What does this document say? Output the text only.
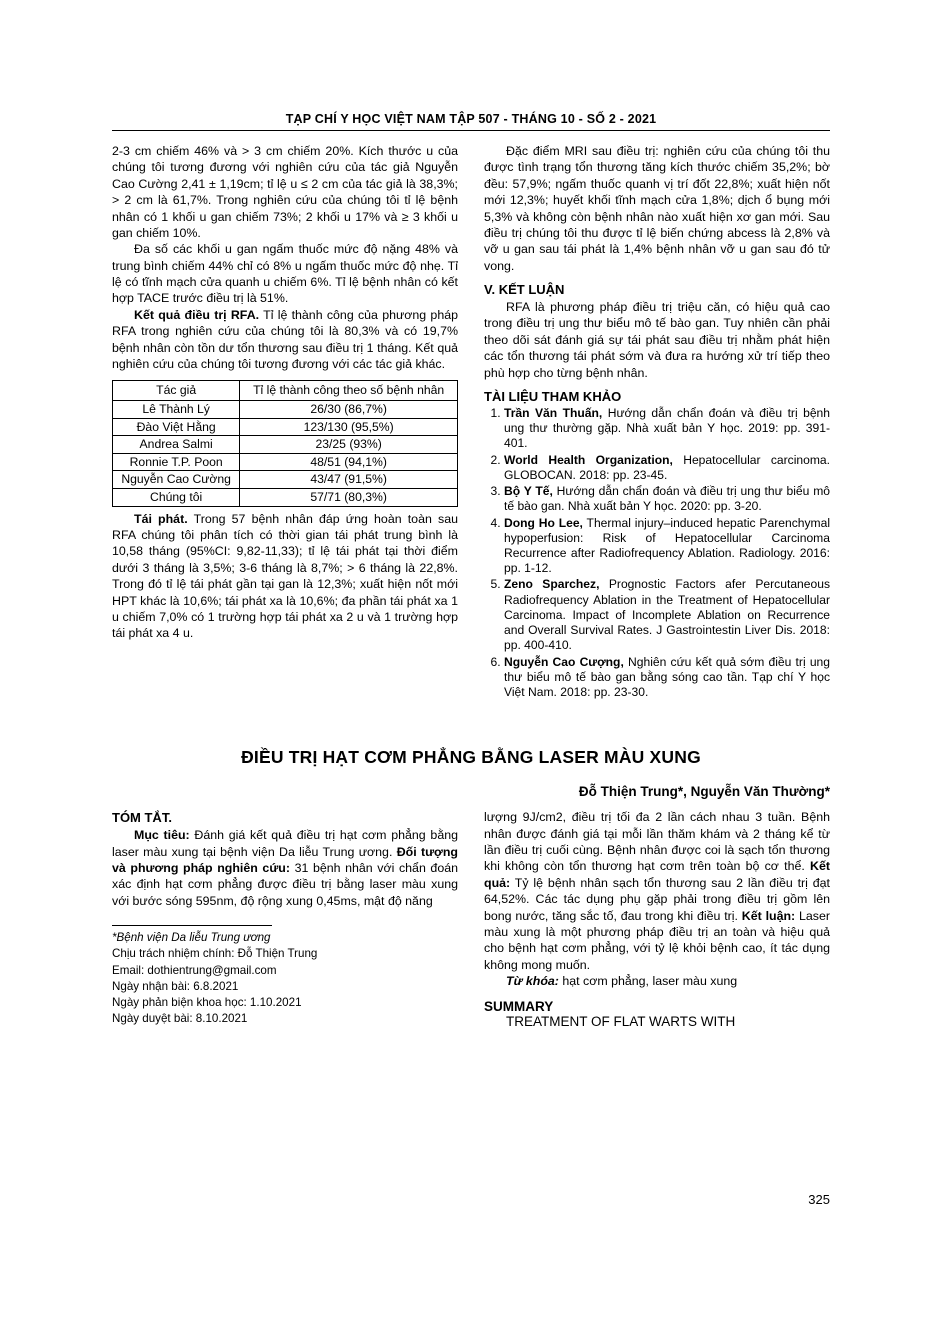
TẠP CHÍ Y HỌC VIỆT NAM TẬP 507 - THÁNG 10 - SỐ 2 - 2021

2-3 cm chiếm 46% và > 3 cm chiếm 20%. Kích thước u của chúng tôi tương đương với nghiên cứu của tác giả Nguyễn Cao Cường 2,41 ± 1,19cm; tỉ lệ u ≤ 2 cm của tác giả là 38,3%; > 2 cm là 61,7%. Trong nghiên cứu của chúng tôi tỉ lệ bệnh nhân có 1 khối u gan chiếm 73%; 2 khối u 17% và ≥ 3 khối u gan chiếm 10%.

Đa số các khối u gan ngấm thuốc mức độ nặng 48% và trung bình chiếm 44% chỉ có 8% u ngấm thuốc mức độ nhẹ. Tỉ lệ có tĩnh mạch cửa quanh u chiếm 6%. Tỉ lệ bệnh nhân có kết hợp TACE trước điều trị là 51%.

Kết quả điều trị RFA. Tỉ lệ thành công của phương pháp RFA trong nghiên cứu của chúng tôi là 80,3% và có 19,7% bệnh nhân còn tồn dư tổn thương sau điều trị 1 tháng. Kết quả nghiên cứu của chúng tôi tương đương với các tác giả khác.

Tác giả	Tỉ lệ thành công theo số bệnh nhân
Lê Thành Lý	26/30 (86,7%)
Đào Việt Hằng	123/130 (95,5%)
Andrea Salmi	23/25 (93%)
Ronnie T.P. Poon	48/51 (94,1%)
Nguyễn Cao Cường	43/47 (91,5%)
Chúng tôi	57/71 (80,3%)

Tái phát. Trong 57 bệnh nhân đáp ứng hoàn toàn sau RFA chúng tôi phân tích có thời gian tái phát trung bình là 10,58 tháng (95%CI: 9,82-11,33); tỉ lệ tái phát tại thời điểm dưới 3 tháng là 3,5%; 3-6 tháng là 8,7%; > 6 tháng là 22,8%. Trong đó tỉ lệ tái phát gần tại gan là 12,3%; xuất hiện nốt mới HPT khác là 10,6%; tái phát xa là 10,6%; đa phần tái phát xa 1 u chiếm 7,0% có 1 trường hợp tái phát xa 2 u và 1 trường hợp tái phát xa 4 u.

Đặc điểm MRI sau điều trị: nghiên cứu của chúng tôi thu được tình trạng tổn thương tăng kích thước chiếm 35,2%; bờ đều: 57,9%; ngấm thuốc quanh vị trí đốt 22,8%; xuất hiện nốt mới 12,3%; huyết khối tĩnh mạch cửa 1,8%; dịch ổ bụng mới 5,3% và không còn bệnh nhân nào xuất hiện xơ gan mới. Sau điều trị chúng tôi thu được tỉ lệ biến chứng abcess là 2,8% và vỡ u gan sau tái phát là 1,4% bệnh nhân vỡ u gan sau đó tử vong.

V. KẾT LUẬN

RFA là phương pháp điều trị triệu căn, có hiệu quả cao trong điều trị ung thư biểu mô tế bào gan. Tuy nhiên cần phải theo dõi sát đánh giá sự tái phát sau điều trị nhằm phát hiện các tổn thương tái phát sớm và đưa ra hướng xử trí tiếp theo phù hợp cho từng bệnh nhân.

TÀI LIỆU THAM KHẢO
1. Trần Văn Thuấn, Hướng dẫn chẩn đoán và điều trị bệnh ung thư thường gặp. Nhà xuất bản Y học. 2019: pp. 391-401.
2. World Health Organization, Hepatocellular carcinoma. GLOBOCAN. 2018: pp. 23-45.
3. Bộ Y Tế, Hướng dẫn chẩn đoán và điều trị ung thư biểu mô tế bào gan. Nhà xuất bản Y học. 2020: pp. 3-20.
4. Dong Ho Lee, Thermal injury–induced hepatic Parenchymal hypoperfusion: Risk of Hepatocellular Carcinoma Recurrence after Radiofrequency Ablation. Radiology. 2016: pp. 1-12.
5. Zeno Sparchez, Prognostic Factors afer Percutaneous Radiofrequency Ablation in the Treatment of Hepatocellular Carcinoma. Impact of Incomplete Ablation on Recurrence and Overall Survival Rates. J Gastrointestin Liver Dis. 2018: pp. 400-410.
6. Nguyễn Cao Cượng, Nghiên cứu kết quả sớm điều trị ung thư biểu mô tế bào gan bằng sóng cao tần. Tạp chí Y học Việt Nam. 2018: pp. 23-30.
ĐIỀU TRỊ HẠT CƠM PHẲNG BẰNG LASER MÀU XUNG
TÓM TẮT.

Mục tiêu: Đánh giá kết quả điều trị hạt cơm phẳng bằng laser màu xung tại bệnh viện Da liễu Trung ương. Đối tượng và phương pháp nghiên cứu: 31 bệnh nhân với chẩn đoán xác định hạt cơm phẳng được điều trị bằng laser màu xung với bước sóng 595nm, độ rộng xung 0,45ms, mật độ năng

*Bệnh viện Da liễu Trung ương
Chịu trách nhiệm chính: Đỗ Thiện Trung
Email: dothientrung@gmail.com
Ngày nhận bài: 6.8.2021
Ngày phản biện khoa học: 1.10.2021
Ngày duyệt bài: 8.10.2021
Đỗ Thiện Trung*, Nguyễn Văn Thường*

lượng 9J/cm2, điều trị tối đa 2 lần cách nhau 3 tuần. Bệnh nhân được đánh giá tại mỗi lần thăm khám và 2 tháng kể từ lần điều trị cuối cùng. Bệnh nhân được coi là sạch tổn thương khi không còn tổn thương hạt cơm trên toàn bộ cơ thể. Kết quả: Tỷ lệ bệnh nhân sạch tổn thương sau 2 lần điều trị đạt 64,52%. Các tác dụng phụ gặp phải trong điều trị gồm lên bong nước, tăng sắc tố, đau trong khi điều trị. Kết luận: Laser màu xung là một phương pháp điều trị an toàn và hiệu quả cho bệnh hạt cơm phẳng, với tỷ lệ khỏi bệnh cao, ít tác dụng không mong muốn.

Từ khóa: hạt cơm phẳng, laser màu xung

SUMMARY
TREATMENT OF FLAT WARTS WITH
325
